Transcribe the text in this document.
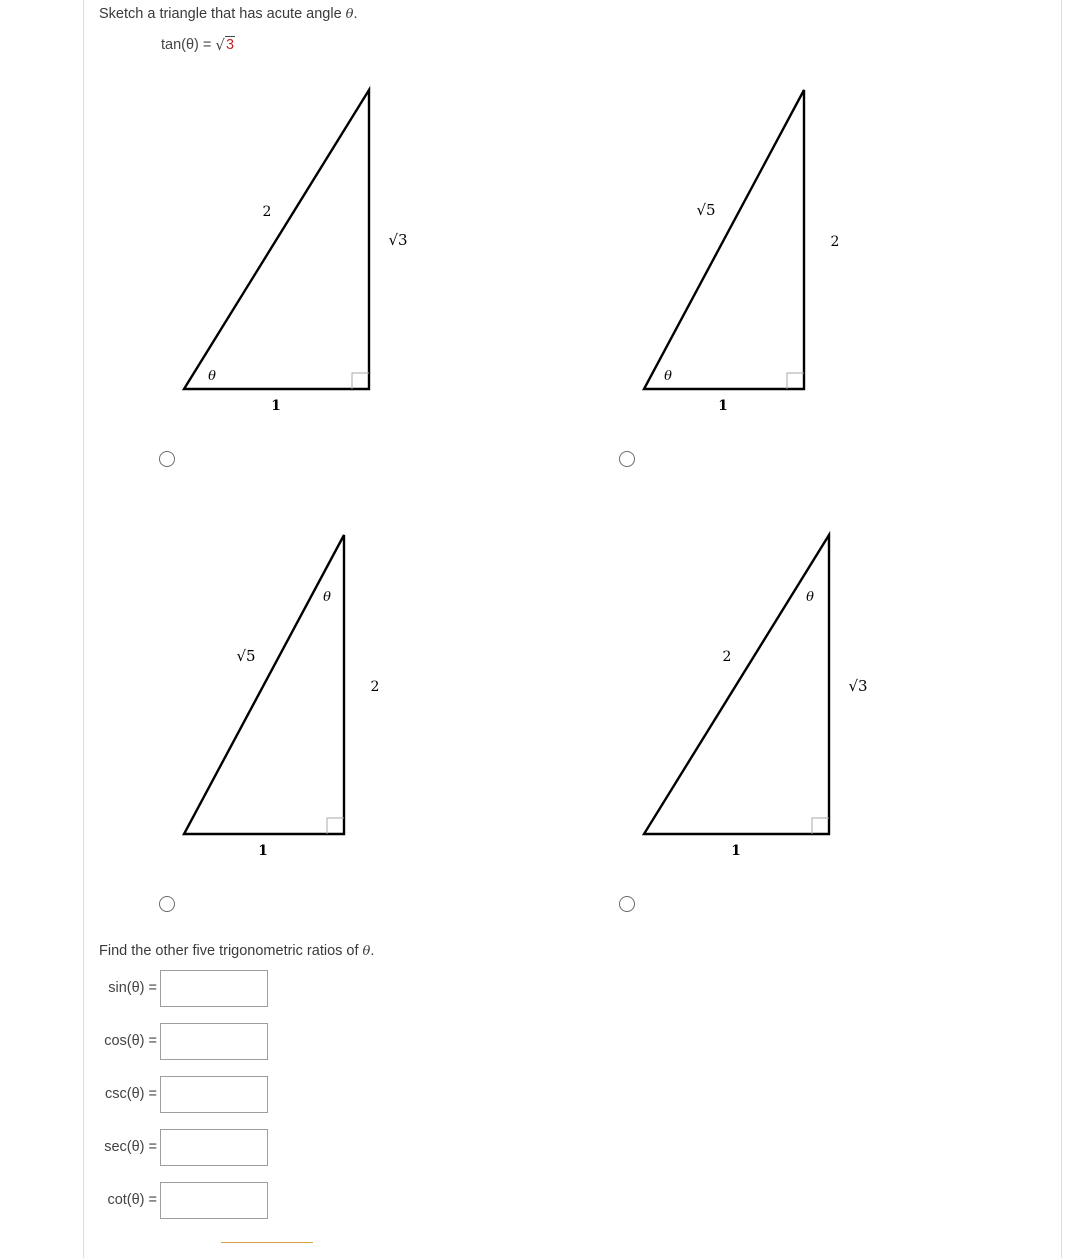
Sketch a triangle that has acute angle θ.
tan(θ) = √ 3
2
√3
1
θ
√5
2
1
θ
√5
2
1
θ
2
√3
1
θ
Find the other five trigonometric ratios of θ.
sin(θ) =
cos(θ) =
csc(θ) =
sec(θ) =
cot(θ) =
